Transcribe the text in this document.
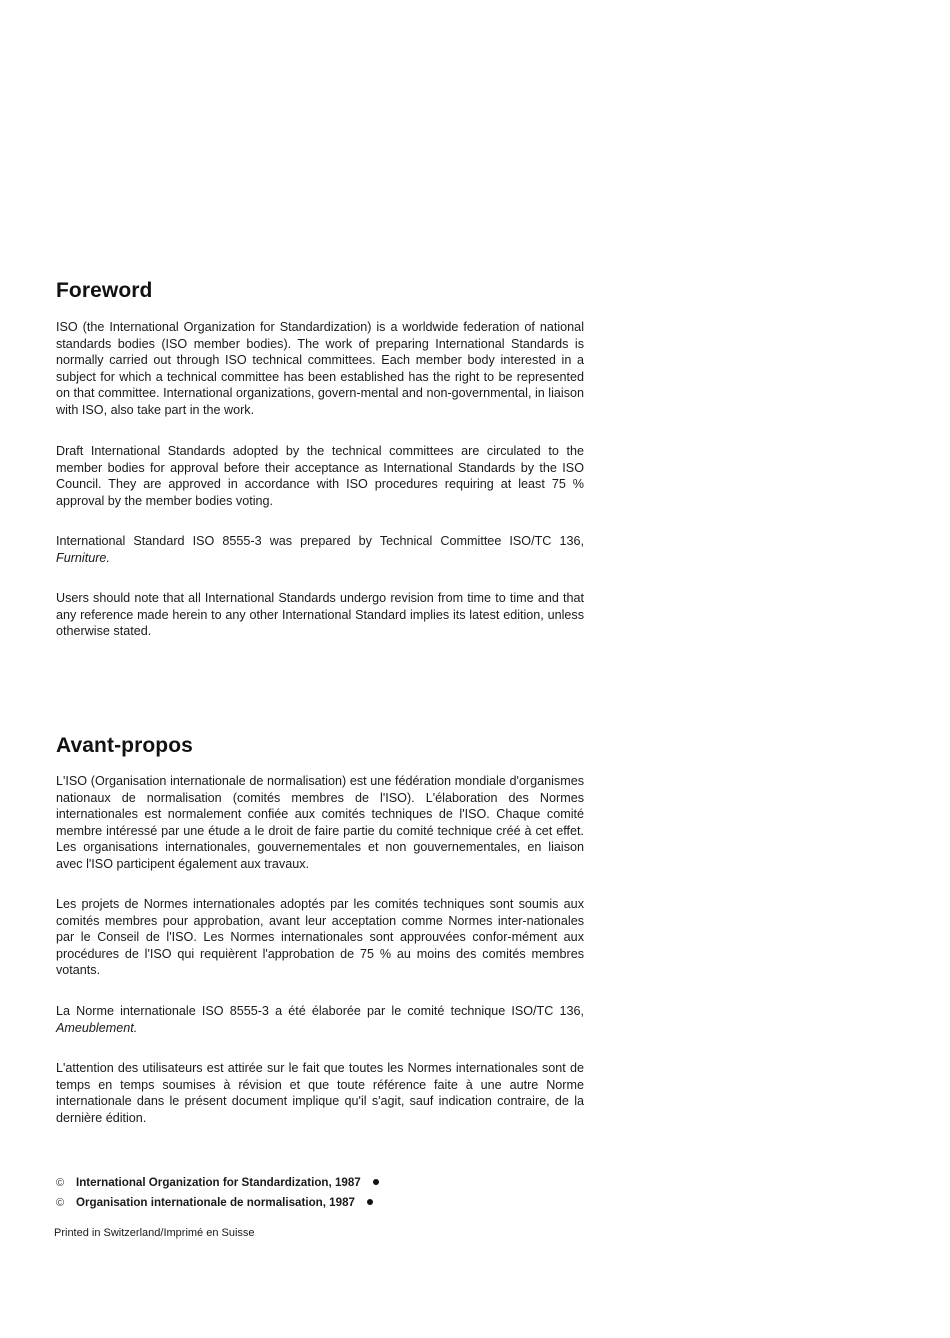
Foreword

ISO (the International Organization for Standardization) is a worldwide federation of national standards bodies (ISO member bodies). The work of preparing International Standards is normally carried out through ISO technical committees. Each member body interested in a subject for which a technical committee has been established has the right to be represented on that committee. International organizations, govern-mental and non-governmental, in liaison with ISO, also take part in the work.

Draft International Standards adopted by the technical committees are circulated to the member bodies for approval before their acceptance as International Standards by the ISO Council. They are approved in accordance with ISO procedures requiring at least 75 % approval by the member bodies voting.

International Standard ISO 8555-3 was prepared by Technical Committee ISO/TC 136, Furniture.

Users should note that all International Standards undergo revision from time to time and that any reference made herein to any other International Standard implies its latest edition, unless otherwise stated.

Avant-propos

L'ISO (Organisation internationale de normalisation) est une fédération mondiale d'organismes nationaux de normalisation (comités membres de l'ISO). L'élaboration des Normes internationales est normalement confiée aux comités techniques de l'ISO. Chaque comité membre intéressé par une étude a le droit de faire partie du comité technique créé à cet effet. Les organisations internationales, gouvernementales et non gouvernementales, en liaison avec l'ISO participent également aux travaux.

Les projets de Normes internationales adoptés par les comités techniques sont soumis aux comités membres pour approbation, avant leur acceptation comme Normes inter-nationales par le Conseil de l'ISO. Les Normes internationales sont approuvées confor-mément aux procédures de l'ISO qui requièrent l'approbation de 75 % au moins des comités membres votants.

La Norme internationale ISO 8555-3 a été élaborée par le comité technique ISO/TC 136, Ameublement.

L'attention des utilisateurs est attirée sur le fait que toutes les Normes internationales sont de temps en temps soumises à révision et que toute référence faite à une autre Norme internationale dans le présent document implique qu'il s'agit, sauf indication contraire, de la dernière édition.

© International Organization for Standardization, 1987
© Organisation internationale de normalisation, 1987
Printed in Switzerland/Imprimé en Suisse
